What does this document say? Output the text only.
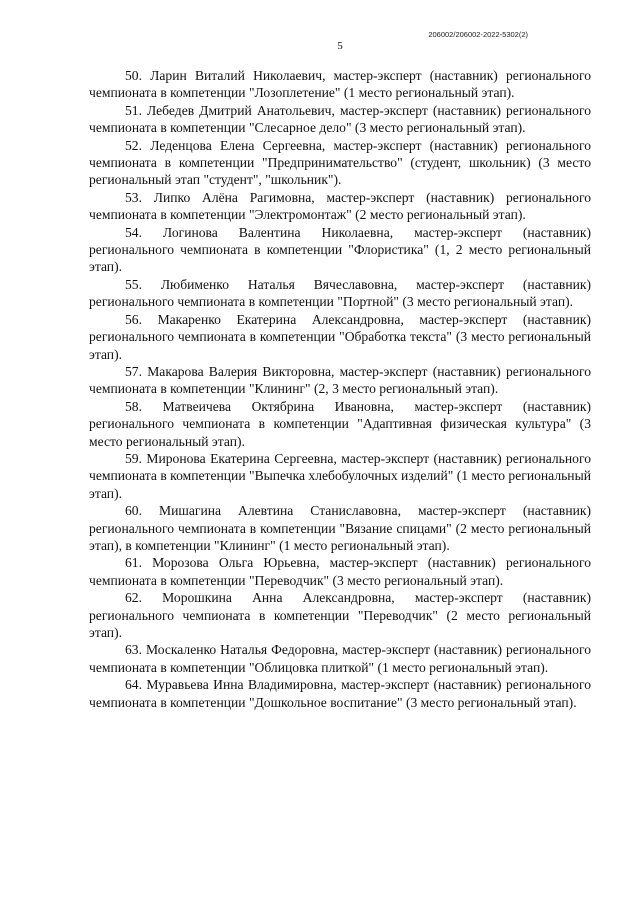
206002/206002-2022-5302(2)
5

50. Ларин Виталий Николаевич, мастер-эксперт (наставник) регионального чемпионата в компетенции "Лозоплетение" (1 место региональный этап).

51. Лебедев Дмитрий Анатольевич, мастер-эксперт (наставник) регионального чемпионата в компетенции "Слесарное дело" (3 место региональный этап).

52. Леденцова Елена Сергеевна, мастер-эксперт (наставник) регионального чемпионата в компетенции "Предпринимательство" (студент, школьник) (3 место региональный этап "студент", "школьник").

53. Липко Алёна Рагимовна, мастер-эксперт (наставник) регионального чемпионата в компетенции "Электромонтаж" (2 место региональный этап).

54. Логинова Валентина Николаевна, мастер-эксперт (наставник) регионального чемпионата в компетенции "Флористика" (1, 2 место региональный этап).

55. Любименко Наталья Вячеславовна, мастер-эксперт (наставник) регионального чемпионата в компетенции "Портной" (3 место региональный этап).

56. Макаренко Екатерина Александровна, мастер-эксперт (наставник) регионального чемпионата в компетенции "Обработка текста" (3 место региональный этап).

57. Макарова Валерия Викторовна, мастер-эксперт (наставник) регионального чемпионата в компетенции "Клининг" (2, 3 место региональный этап).

58. Матвеичева Октябрина Ивановна, мастер-эксперт (наставник) регионального чемпионата в компетенции "Адаптивная физическая культура" (3 место региональный этап).

59. Миронова Екатерина Сергеевна, мастер-эксперт (наставник) регионального чемпионата в компетенции "Выпечка хлебобулочных изделий" (1 место региональный этап).

60. Мишагина Алевтина Станиславовна, мастер-эксперт (наставник) регионального чемпионата в компетенции "Вязание спицами" (2 место региональный этап), в компетенции "Клининг" (1 место региональный этап).

61. Морозова Ольга Юрьевна, мастер-эксперт (наставник) регионального чемпионата в компетенции "Переводчик" (3 место региональный этап).

62. Морошкина Анна Александровна, мастер-эксперт (наставник) регионального чемпионата в компетенции "Переводчик" (2 место региональный этап).

63. Москаленко Наталья Федоровна, мастер-эксперт (наставник) регионального чемпионата в компетенции "Облицовка плиткой" (1 место региональный этап).

64. Муравьева Инна Владимировна, мастер-эксперт (наставник) регионального чемпионата в компетенции "Дошкольное воспитание" (3 место региональный этап).
